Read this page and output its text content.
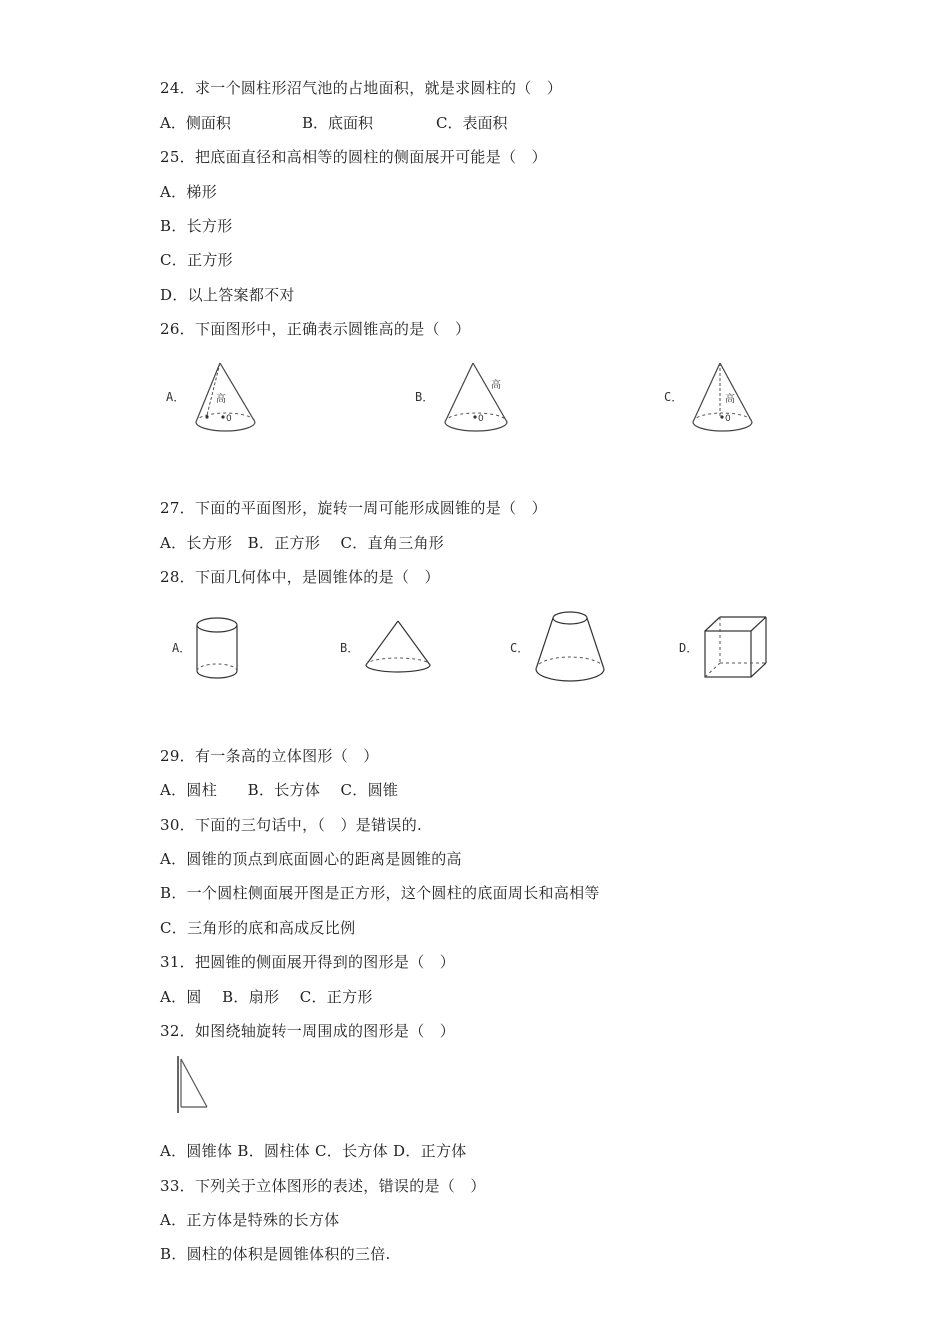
24．求一个圆柱形沼气池的占地面积，就是求圆柱的（　）
A．侧面积	B．底面积	C．表面积
25．把底面直径和高相等的圆柱的侧面展开可能是（　）
A．梯形
B．长方形
C．正方形
D．以上答案都不对
26．下面图形中，正确表示圆锥高的是（　）
A．	高
0
B．
高
0
C．	高
0
27．下面的平面图形，旋转一周可能形成圆锥的是（　）
A．长方形　B．正方形　 C．直角三角形
28．下面几何体中，是圆锥体的是（　）
A．	B．	C．	D．
29．有一条高的立体图形（　）
A．圆柱　　B．长方体　 C．圆锥
30．下面的三句话中，（　）是错误的.
A．圆锥的顶点到底面圆心的距离是圆锥的高
B．一个圆柱侧面展开图是正方形，这个圆柱的底面周长和高相等
C．三角形的底和高成反比例
31．把圆锥的侧面展开得到的图形是（　）
A．圆　 B．扇形　 C．正方形
32．如图绕轴旋转一周围成的图形是（　）
A．圆锥体 B．圆柱体 C．长方体 D．正方体
33．下列关于立体图形的表述，错误的是（　）
A．正方体是特殊的长方体
B．圆柱的体积是圆锥体积的三倍.
